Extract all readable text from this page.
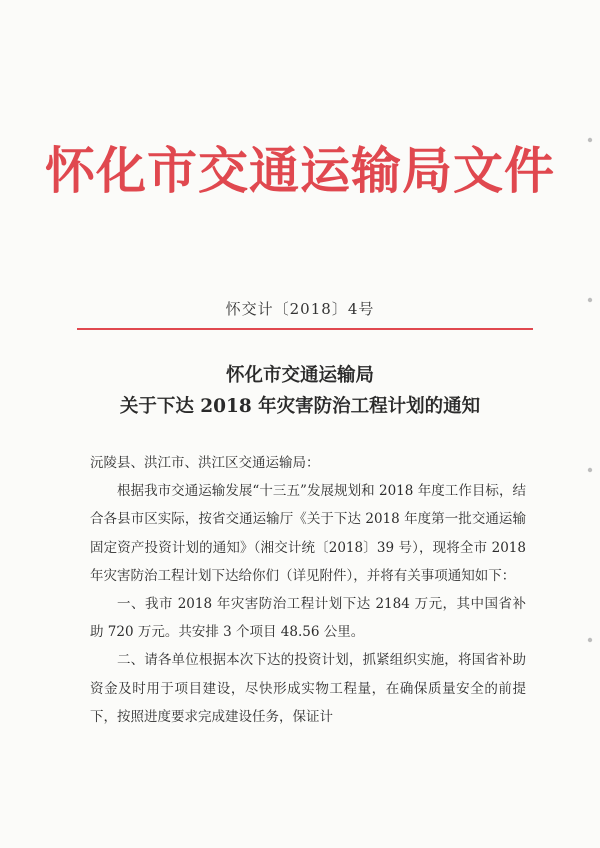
怀化市交通运输局文件
怀交计〔2018〕4号
怀化市交通运输局
关于下达 2018 年灾害防治工程计划的通知

沅陵县、洪江市、洪江区交通运输局：

根据我市交通运输发展“十三五”发展规划和 2018 年度工作目标，结合各县市区实际，按省交通运输厅《关于下达 2018 年度第一批交通运输固定资产投资计划的通知》（湘交计统〔2018〕39 号），现将全市 2018 年灾害防治工程计划下达给你们（详见附件），并将有关事项通知如下：

一、我市 2018 年灾害防治工程计划下达 2184 万元，其中国省补助 720 万元。共安排 3 个项目 48.56 公里。

二、请各单位根据本次下达的投资计划，抓紧组织实施，将国省补助资金及时用于项目建设，尽快形成实物工程量，在确保质量安全的前提下，按照进度要求完成建设任务，保证计
